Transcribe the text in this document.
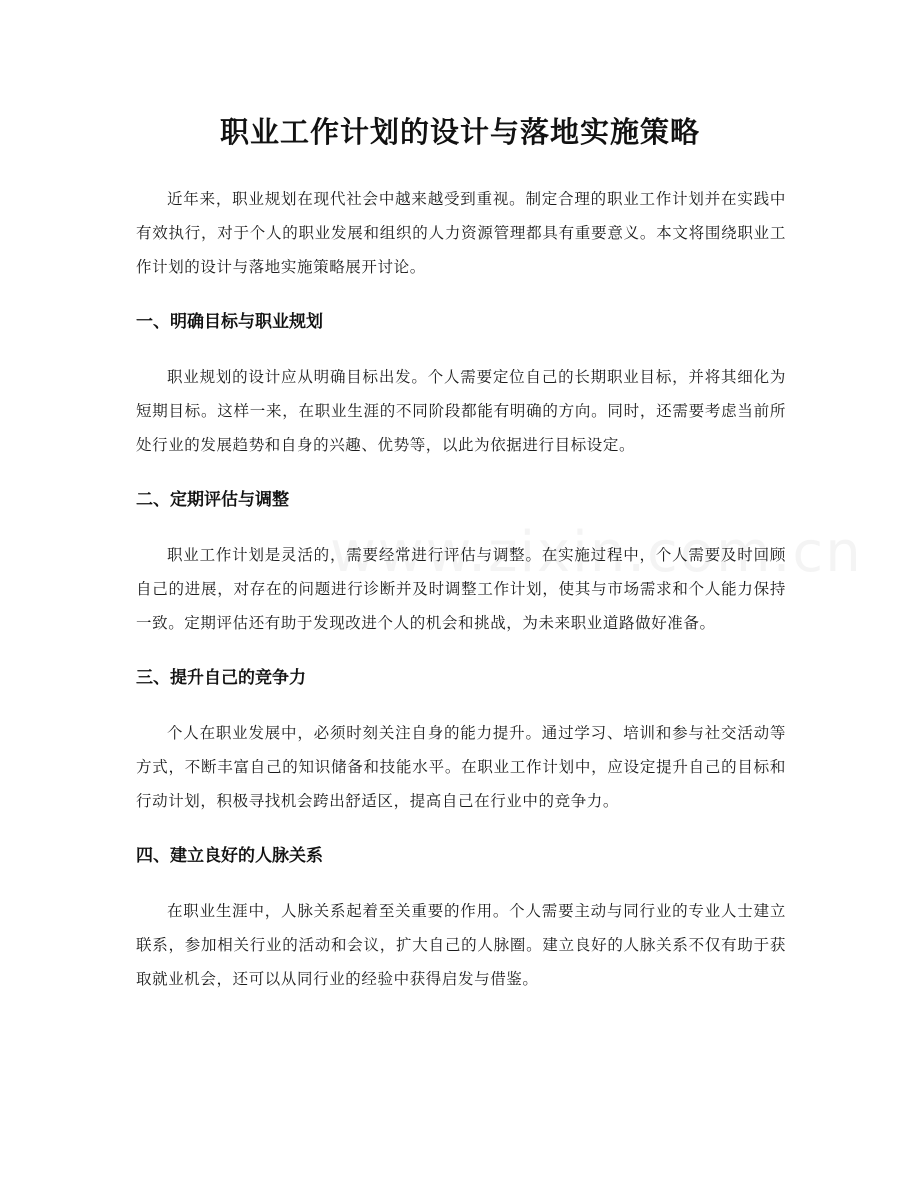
职业工作计划的设计与落地实施策略

近年来，职业规划在现代社会中越来越受到重视。制定合理的职业工作计划并在实践中有效执行，对于个人的职业发展和组织的人力资源管理都具有重要意义。本文将围绕职业工作计划的设计与落地实施策略展开讨论。

一、明确目标与职业规划

职业规划的设计应从明确目标出发。个人需要定位自己的长期职业目标，并将其细化为短期目标。这样一来，在职业生涯的不同阶段都能有明确的方向。同时，还需要考虑当前所处行业的发展趋势和自身的兴趣、优势等，以此为依据进行目标设定。

二、定期评估与调整

职业工作计划是灵活的，需要经常进行评估与调整。在实施过程中，个人需要及时回顾自己的进展，对存在的问题进行诊断并及时调整工作计划，使其与市场需求和个人能力保持一致。定期评估还有助于发现改进个人的机会和挑战，为未来职业道路做好准备。

三、提升自己的竞争力

个人在职业发展中，必须时刻关注自身的能力提升。通过学习、培训和参与社交活动等方式，不断丰富自己的知识储备和技能水平。在职业工作计划中，应设定提升自己的目标和行动计划，积极寻找机会跨出舒适区，提高自己在行业中的竞争力。

四、建立良好的人脉关系

在职业生涯中，人脉关系起着至关重要的作用。个人需要主动与同行业的专业人士建立联系，参加相关行业的活动和会议，扩大自己的人脉圈。建立良好的人脉关系不仅有助于获取就业机会，还可以从同行业的经验中获得启发与借鉴。
